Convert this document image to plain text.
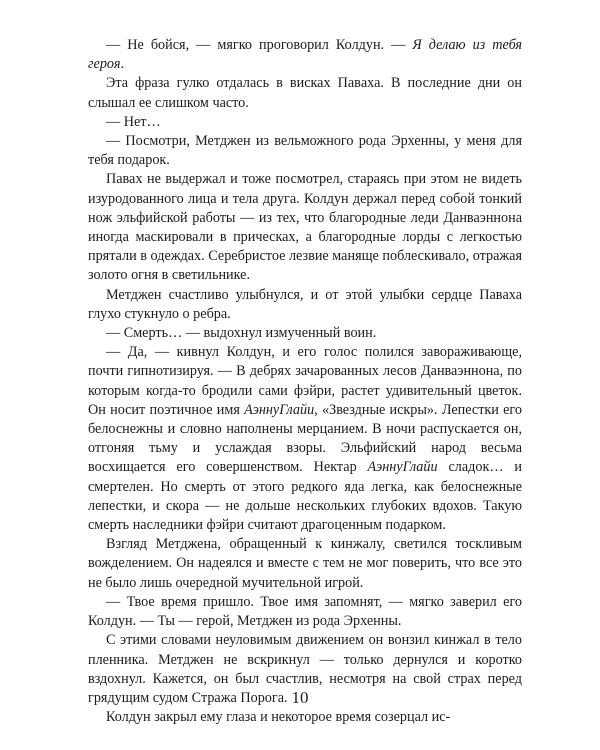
— Не бойся, — мягко проговорил Колдун. — Я делаю из тебя героя.

Эта фраза гулко отдалась в висках Павaха. В последние дни он слышал ее слишком часто.

— Нет…

— Посмотри, Метджен из вельможного рода Эрхенны, у меня для тебя подарок.

Павах не выдержал и тоже посмотрел, стараясь при этом не видеть изуродованного лица и тела друга. Колдун держал перед собой тонкий нож эльфийской работы — из тех, что благородные леди Данваэннона иногда маскировали в прическах, а благородные лорды с легкостью прятали в одеждах. Серебристое лезвие маняще поблескивало, отражая золото огня в светильнике.

Метджен счастливо улыбнулся, и от этой улыбки сердце Павaха глухо стукнуло о ребра.

— Смерть… — выдохнул измученный воин.

— Да, — кивнул Колдун, и его голос полился завораживающе, почти гипнотизируя. — В дебрях зачарованных лесов Данваэннона, по которым когда-то бродили сами фэйри, растет удивительный цветок. Он носит поэтичное имя АэннуГлайи, «Звездные искры». Лепестки его белоснежны и словно наполнены мерцанием. В ночи распускается он, отгоняя тьму и услаждая взоры. Эльфийский народ весьма восхищается его совершенством. Нектар АэннуГлайи сладок… и смертелен. Но смерть от этого редкого яда легка, как белоснежные лепестки, и скора — не дольше нескольких глубоких вдохов. Такую смерть наследники фэйри считают драгоценным подарком.

Взгляд Метджена, обращенный к кинжалу, светился тоскливым вожделением. Он надеялся и вместе с тем не мог поверить, что все это не было лишь очередной мучительной игрой.

— Твое время пришло. Твое имя запомнят, — мягко заверил его Колдун. — Ты — герой, Метджен из рода Эрхенны.

С этими словами неуловимым движением он вонзил кинжал в тело пленника. Метджен не вскрикнул — только дернулся и коротко вздохнул. Кажется, он был счастлив, несмотря на свой страх перед грядущим судом Стража Порога.

Колдун закрыл ему глаза и некоторое время созерцал ис-

10
